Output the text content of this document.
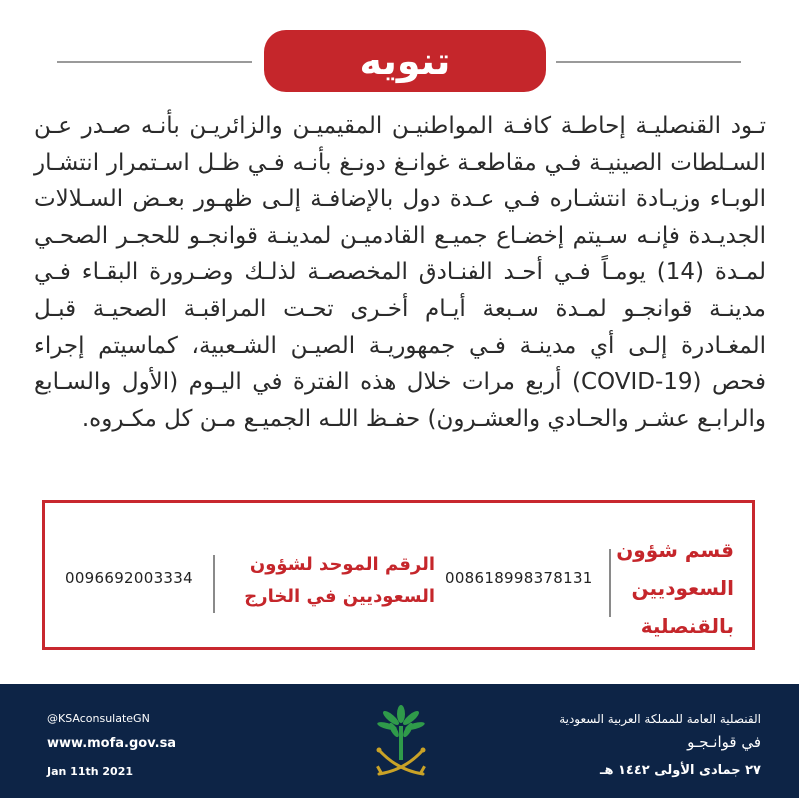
تنويه
تـود القنصليـة إحاطـة كافـة المواطنيـن المقيميـن والزائريـن بأنـه صـدر عـن السـلطات الصينيـة فـي مقاطعـة غوانـغ دونـغ بأنـه فـي ظـل اسـتمرار انتشـار الوبـاء وزيـادة انتشـاره فـي عـدة دول بالإضافـة إلـى ظهـور بعـض السـلالات الجديـدة فإنـه سـيتم إخضـاع جميـع القادميـن لمدينـة قوانجـو للحجـر الصحـي لمـدة (14) يومـاً فـي أحـد الفنـادق المخصصـة لذلـك وضـرورة البقـاء فـي مدينـة قوانجـو لمـدة سـبعة أيـام أخـرى تحـت المراقبـة الصحيـة قبـل المغـادرة إلـى أي مدينـة فـي جمهوريـة الصيـن الشـعبية، كماسيتم إجراء فحص (COVID-19) أربع مرات خلال هذه الفترة في اليـوم (الأول والسـابع والرابـع عشـر والحـادي والعشـرون) حفـظ اللـه الجميـع مـن كل مكـروه.
قسم شؤون السعوديين بالقنصلية
008618998378131
الرقم الموحد لشؤون السعوديين في الخارج
0096692003334
@KSAconsulateGN
www.mofa.gov.sa
Jan 11th 2021
القنصلية العامة للمملكة العربية السعودية
في قوانـجـو
٢٧ جمادى الأولى ١٤٤٢ هـ
